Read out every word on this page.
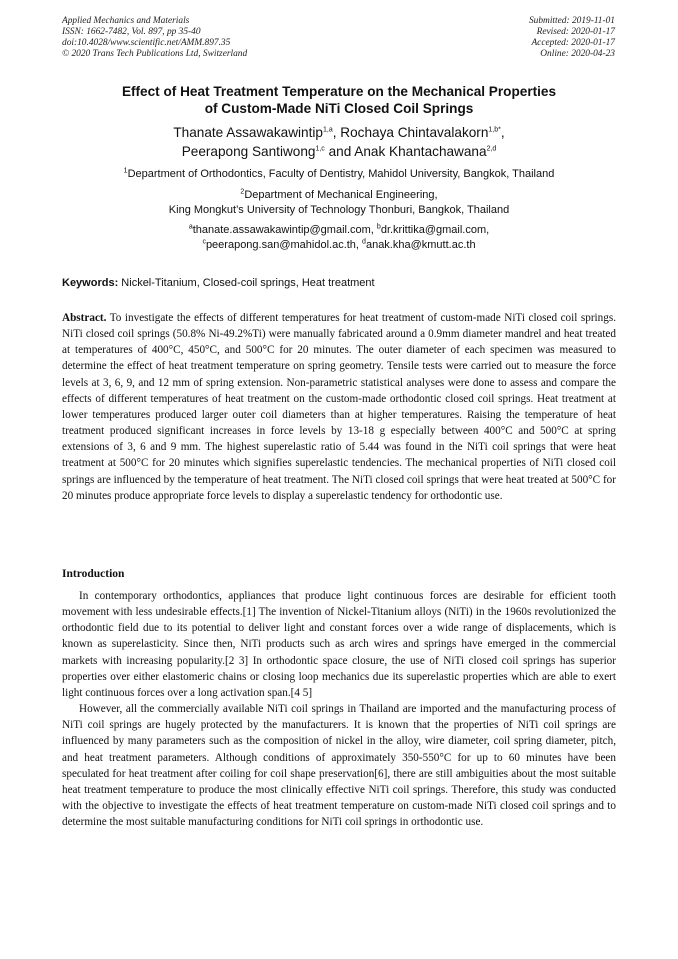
Applied Mechanics and Materials
ISSN: 1662-7482, Vol. 897, pp 35-40
doi:10.4028/www.scientific.net/AMM.897.35
© 2020 Trans Tech Publications Ltd, Switzerland
Submitted: 2019-11-01
Revised: 2020-01-17
Accepted: 2020-01-17
Online: 2020-04-23
Effect of Heat Treatment Temperature on the Mechanical Properties
of Custom-Made NiTi Closed Coil Springs
Thanate Assawakawintip$^{1,a}$, Rochaya Chintavalakorn$^{1,b*}$,
Peerapong Santiwong$^{1,c}$ and Anak Khantachawana$^{2,d}$
$^1$Department of Orthodontics, Faculty of Dentistry, Mahidol University, Bangkok, Thailand
$^2$Department of Mechanical Engineering,
King Mongkut’s University of Technology Thonburi, Bangkok, Thailand
$^a$thanate.assawakawintip@gmail.com, $^b$dr.krittika@gmail.com,
$^c$peerapong.san@mahidol.ac.th, $^d$anak.kha@kmutt.ac.th
Keywords: Nickel-Titanium, Closed-coil springs, Heat treatment
Abstract. To investigate the effects of different temperatures for heat treatment of custom-made NiTi closed coil springs. NiTi closed coil springs (50.8% Ni-49.2%Ti) were manually fabricated around a 0.9mm diameter mandrel and heat treated at temperatures of 400°C, 450°C, and 500°C for 20 minutes. The outer diameter of each specimen was measured to determine the effect of heat treatment temperature on spring geometry. Tensile tests were carried out to measure the force levels at 3, 6, 9, and 12 mm of spring extension. Non-parametric statistical analyses were done to assess and compare the effects of different temperatures of heat treatment on the custom-made orthodontic closed coil springs. Heat treatment at lower temperatures produced larger outer coil diameters than at higher temperatures. Raising the temperature of heat treatment produced significant increases in force levels by 13-18 g especially between 400°C and 500°C at spring extensions of 3, 6 and 9 mm. The highest superelastic ratio of 5.44 was found in the NiTi coil springs that were heat treatment at 500°C for 20 minutes which signifies superelastic tendencies. The mechanical properties of NiTi closed coil springs are influenced by the temperature of heat treatment. The NiTi closed coil springs that were heat treated at 500°C for 20 minutes produce appropriate force levels to display a superelastic tendency for orthodontic use.
Introduction

In contemporary orthodontics, appliances that produce light continuous forces are desirable for efficient tooth movement with less undesirable effects.[1] The invention of Nickel-Titanium alloys (NiTi) in the 1960s revolutionized the orthodontic field due to its potential to deliver light and constant forces over a wide range of displacements, which is known as superelasticity. Since then, NiTi products such as arch wires and springs have emerged in the commercial markets with increasing popularity.[2 3] In orthodontic space closure, the use of NiTi closed coil springs has superior properties over either elastomeric chains or closing loop mechanics due its superelastic properties which are able to exert light continuous forces over a long activation span.[4 5]

However, all the commercially available NiTi coil springs in Thailand are imported and the manufacturing process of NiTi coil springs are hugely protected by the manufacturers. It is known that the properties of NiTi coil springs are influenced by many parameters such as the composition of nickel in the alloy, wire diameter, coil spring diameter, pitch, and heat treatment parameters. Although conditions of approximately 350-550°C for up to 60 minutes have been speculated for heat treatment after coiling for coil shape preservation[6], there are still ambiguities about the most suitable heat treatment temperature to produce the most clinically effective NiTi coil springs. Therefore, this study was conducted with the objective to investigate the effects of heat treatment temperature on custom-made NiTi closed coil springs and to determine the most suitable manufacturing conditions for NiTi coil springs in orthodontic use.
